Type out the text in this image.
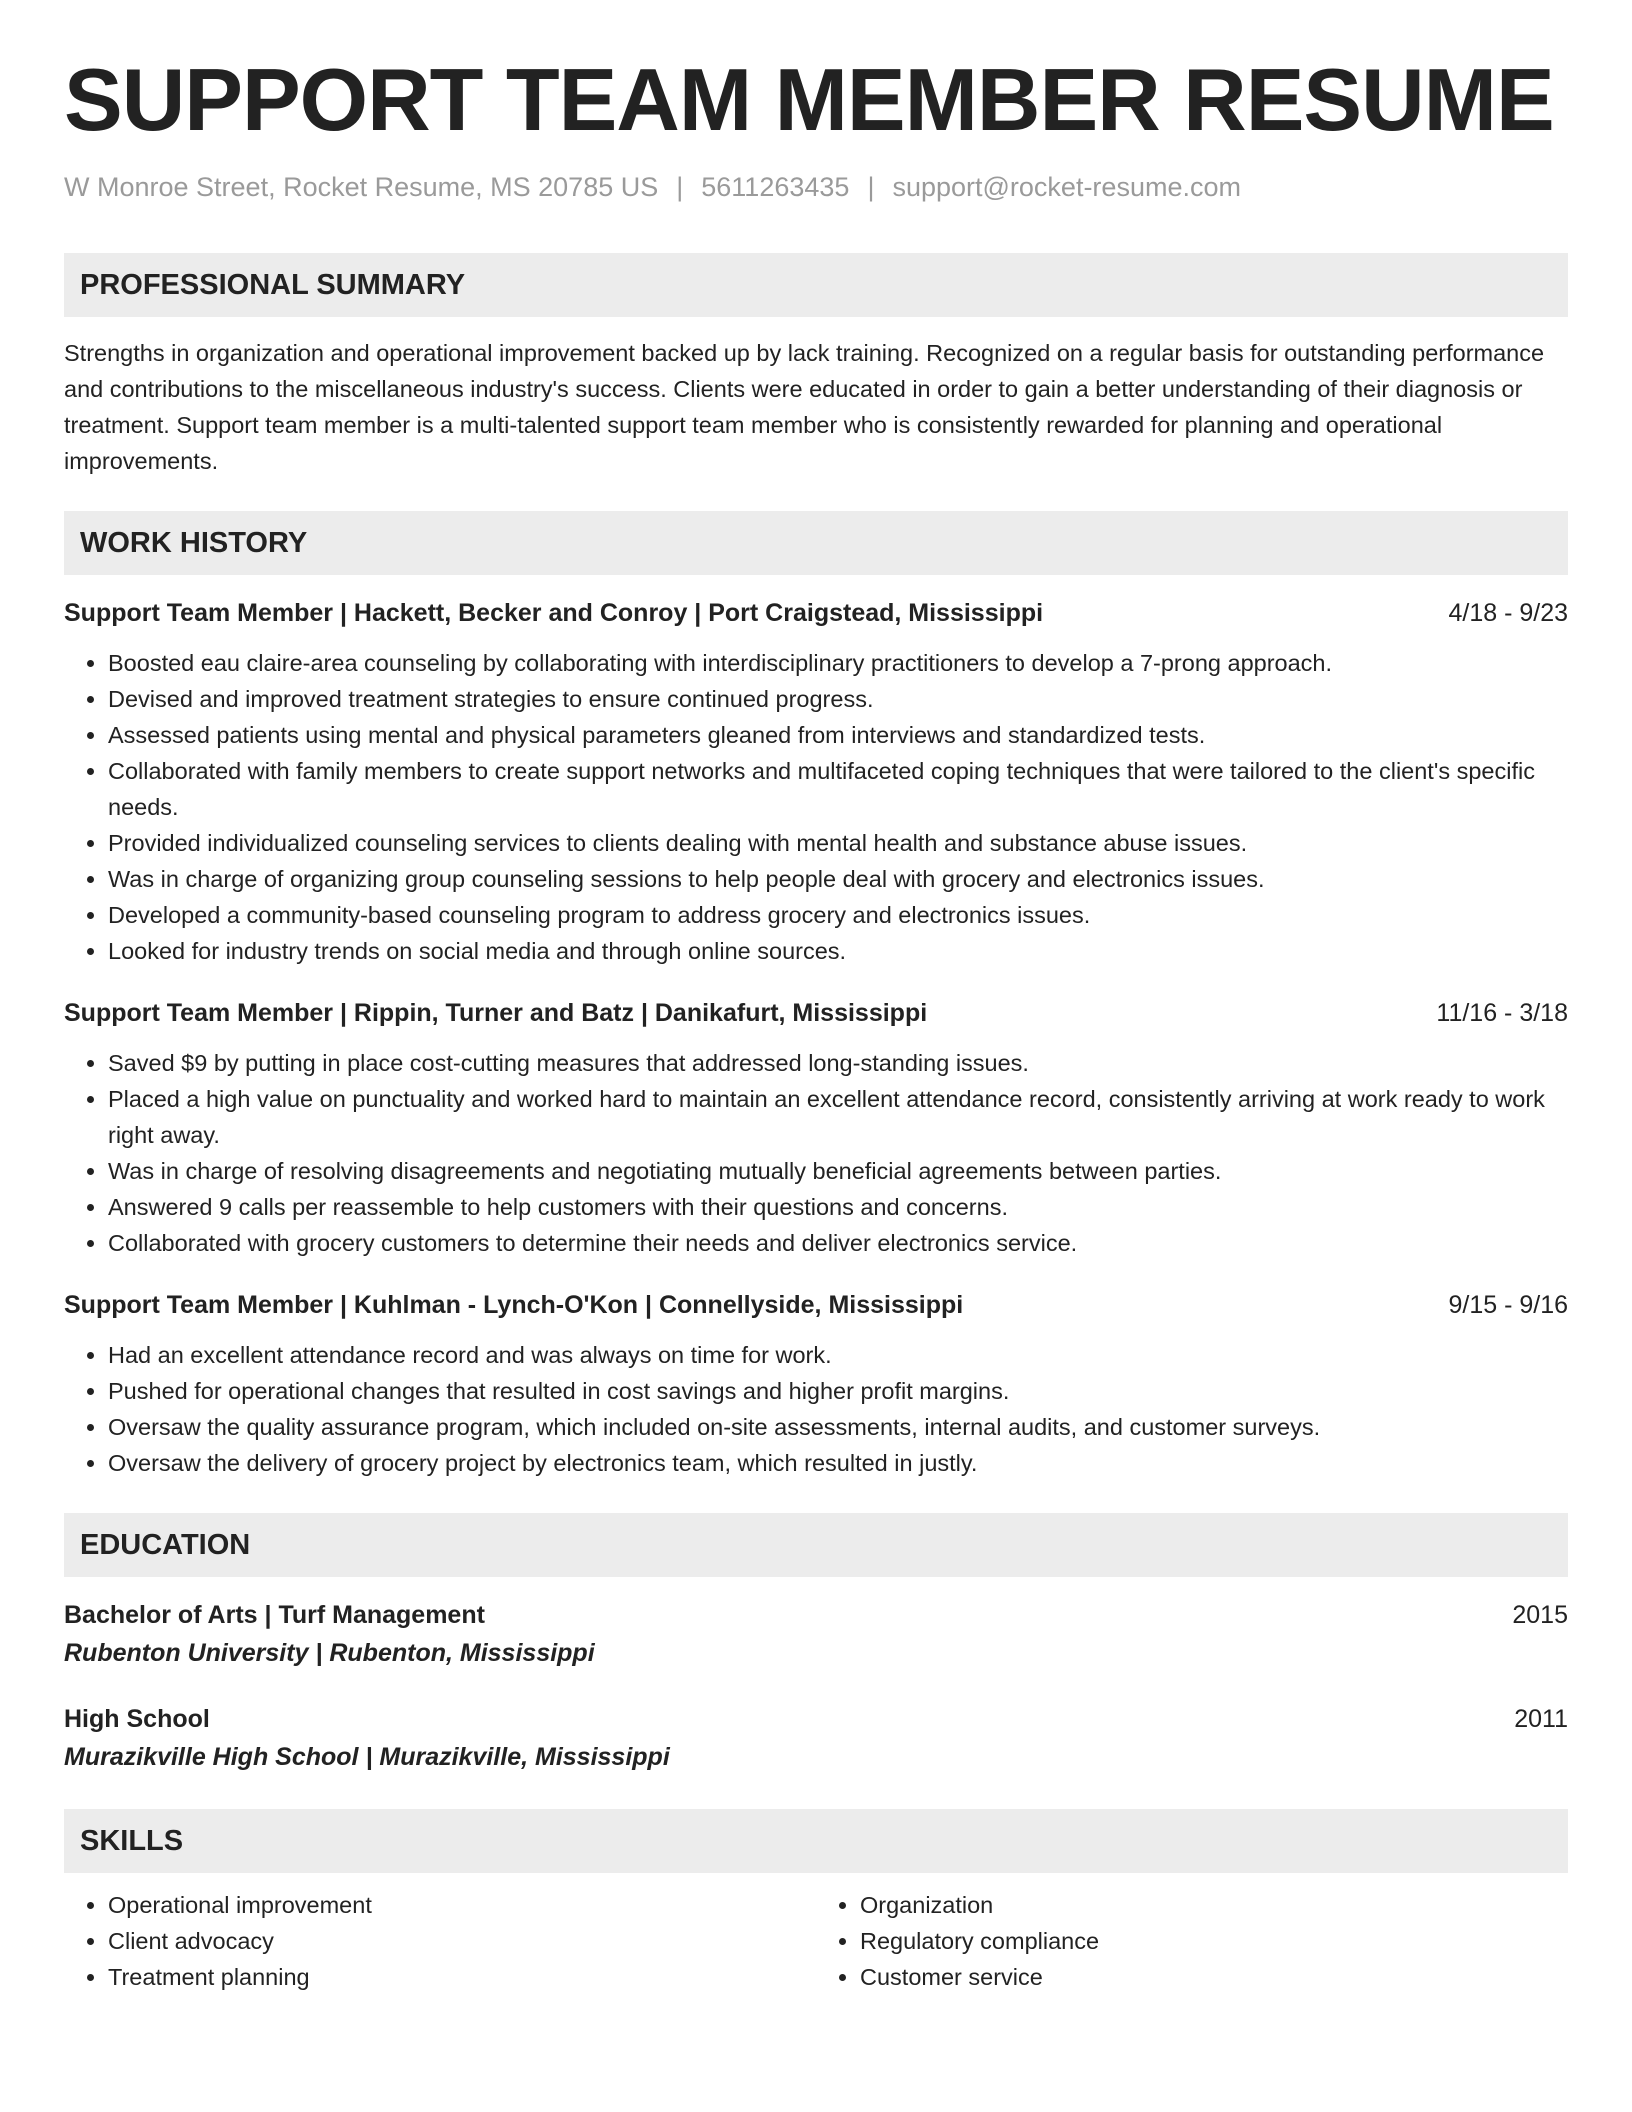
SUPPORT TEAM MEMBER RESUME
W Monroe Street, Rocket Resume, MS 20785 US | 5611263435 | support@rocket-resume.com
PROFESSIONAL SUMMARY
Strengths in organization and operational improvement backed up by lack training. Recognized on a regular basis for outstanding performance and contributions to the miscellaneous industry's success. Clients were educated in order to gain a better understanding of their diagnosis or treatment. Support team member is a multi-talented support team member who is consistently rewarded for planning and operational improvements.
WORK HISTORY
Support Team Member | Hackett, Becker and Conroy | Port Craigstead, Mississippi	4/18 - 9/23
• Boosted eau claire-area counseling by collaborating with interdisciplinary practitioners to develop a 7-prong approach.
• Devised and improved treatment strategies to ensure continued progress.
• Assessed patients using mental and physical parameters gleaned from interviews and standardized tests.
• Collaborated with family members to create support networks and multifaceted coping techniques that were tailored to the client's specific needs.
• Provided individualized counseling services to clients dealing with mental health and substance abuse issues.
• Was in charge of organizing group counseling sessions to help people deal with grocery and electronics issues.
• Developed a community-based counseling program to address grocery and electronics issues.
• Looked for industry trends on social media and through online sources.
Support Team Member | Rippin, Turner and Batz | Danikafurt, Mississippi	11/16 - 3/18
• Saved $9 by putting in place cost-cutting measures that addressed long-standing issues.
• Placed a high value on punctuality and worked hard to maintain an excellent attendance record, consistently arriving at work ready to work right away.
• Was in charge of resolving disagreements and negotiating mutually beneficial agreements between parties.
• Answered 9 calls per reassemble to help customers with their questions and concerns.
• Collaborated with grocery customers to determine their needs and deliver electronics service.
Support Team Member | Kuhlman - Lynch-O'Kon | Connellyside, Mississippi	9/15 - 9/16
• Had an excellent attendance record and was always on time for work.
• Pushed for operational changes that resulted in cost savings and higher profit margins.
• Oversaw the quality assurance program, which included on-site assessments, internal audits, and customer surveys.
• Oversaw the delivery of grocery project by electronics team, which resulted in justly.
EDUCATION
Bachelor of Arts | Turf Management	2015
Rubenton University | Rubenton, Mississippi
High School	2011
Murazikville High School | Murazikville, Mississippi
SKILLS
• Operational improvement
• Client advocacy
• Treatment planning
• Organization
• Regulatory compliance
• Customer service
